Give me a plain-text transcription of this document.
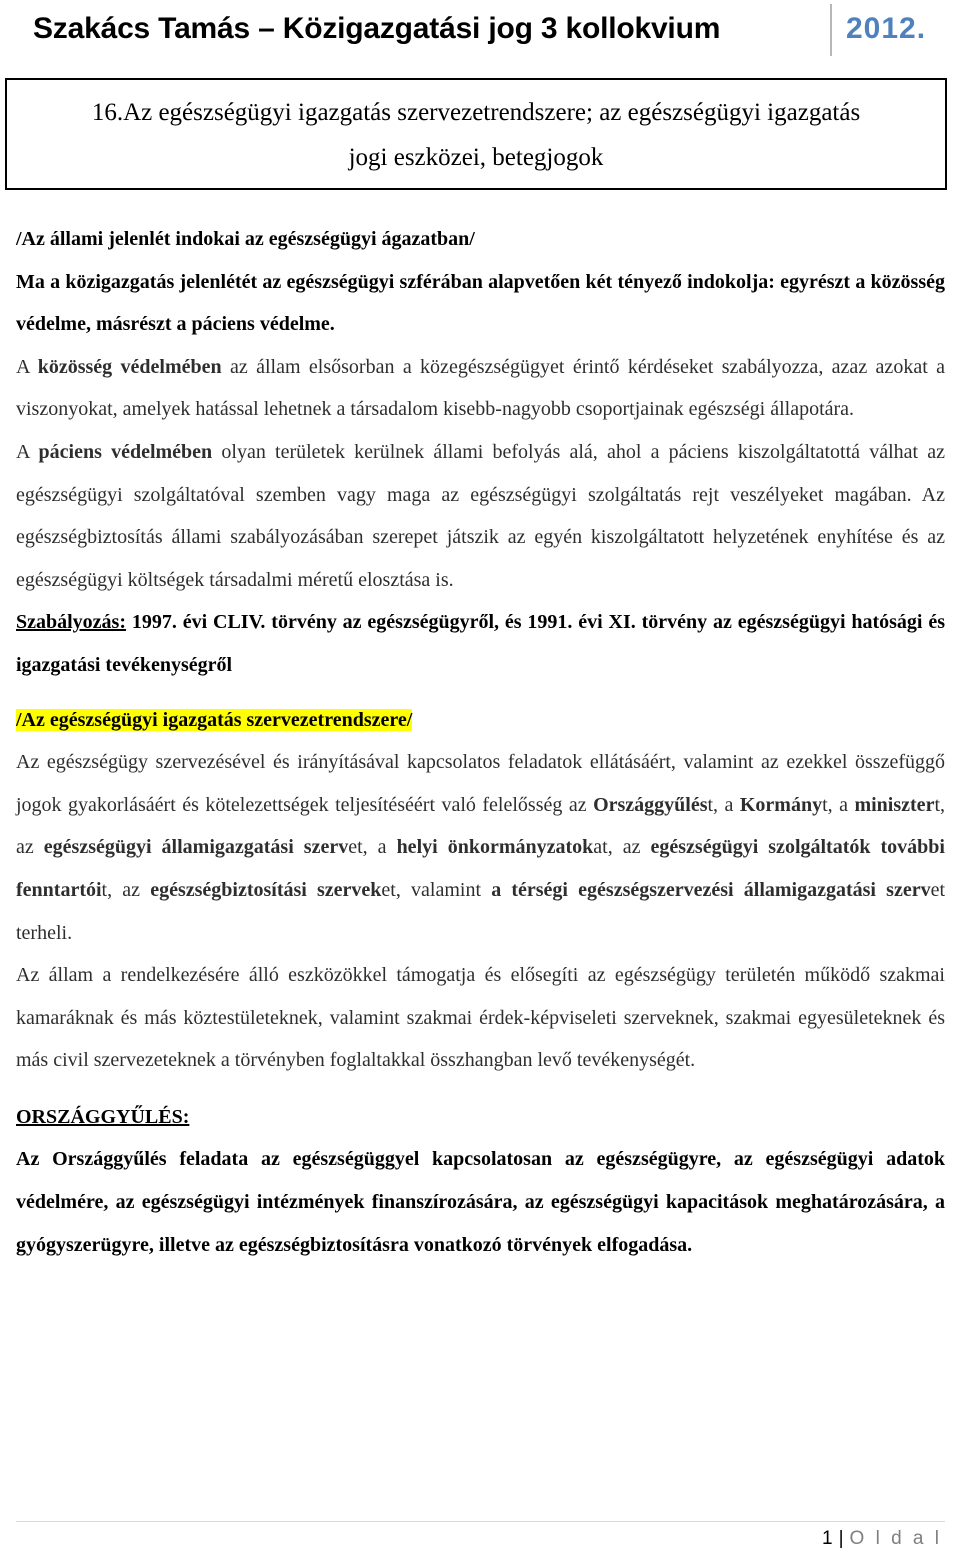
Szakács Tamás – Közigazgatási jog 3 kollokvium	2012.
16.Az egészségügyi igazgatás szervezetrendszere; az egészségügyi igazgatás
jogi eszközei, betegjogok

/Az állami jelenlét indokai az egészségügyi ágazatban/

Ma a közigazgatás jelenlétét az egészségügyi szférában alapvetően két tényező indokolja: egyrészt a közösség védelme, másrészt a páciens védelme.

A közösség védelmében az állam elsősorban a közegészségügyet érintő kérdéseket szabályozza, azaz azokat a viszonyokat, amelyek hatással lehetnek a társadalom kisebb-nagyobb csoportjainak egészségi állapotára.

A páciens védelmében olyan területek kerülnek állami befolyás alá, ahol a páciens kiszolgáltatottá válhat az egészségügyi szolgáltatóval szemben vagy maga az egészségügyi szolgáltatás rejt veszélyeket magában. Az egészségbiztosítás állami szabályozásában szerepet játszik az egyén kiszolgáltatott helyzetének enyhítése és az egészségügyi költségek társadalmi méretű elosztása is.

Szabályozás: 1997. évi CLIV. törvény az egészségügyről, és 1991. évi XI. törvény az egészségügyi hatósági és igazgatási tevékenységről

/Az egészségügyi igazgatás szervezetrendszere/

Az egészségügy szervezésével és irányításával kapcsolatos feladatok ellátásáért, valamint az ezekkel összefüggő jogok gyakorlásáért és kötelezettségek teljesítéséért való felelősség az Országgyűlést, a Kormányt, a minisztert, az egészségügyi államigazgatási szervet, a helyi önkormányzatokat, az egészségügyi szolgáltatók további fenntartóit, az egészségbiztosítási szerveket, valamint a térségi egészségszervezési államigazgatási szervet terheli.

Az állam a rendelkezésére álló eszközökkel támogatja és elősegíti az egészségügy területén működő szakmai kamaráknak és más köztestületeknek, valamint szakmai érdek-képviseleti szerveknek, szakmai egyesületeknek és más civil szervezeteknek a törvényben foglaltakkal összhangban levő tevékenységét.

ORSZÁGGYŰLÉS:

Az Országgyűlés feladata az egészségüggyel kapcsolatosan az egészségügyre, az egészségügyi adatok védelmére, az egészségügyi intézmények finanszírozására, az egészségügyi kapacitások meghatározására, a gyógyszerügyre, illetve az egészségbiztosításra vonatkozó törvények elfogadása.

1 | O l d a l
